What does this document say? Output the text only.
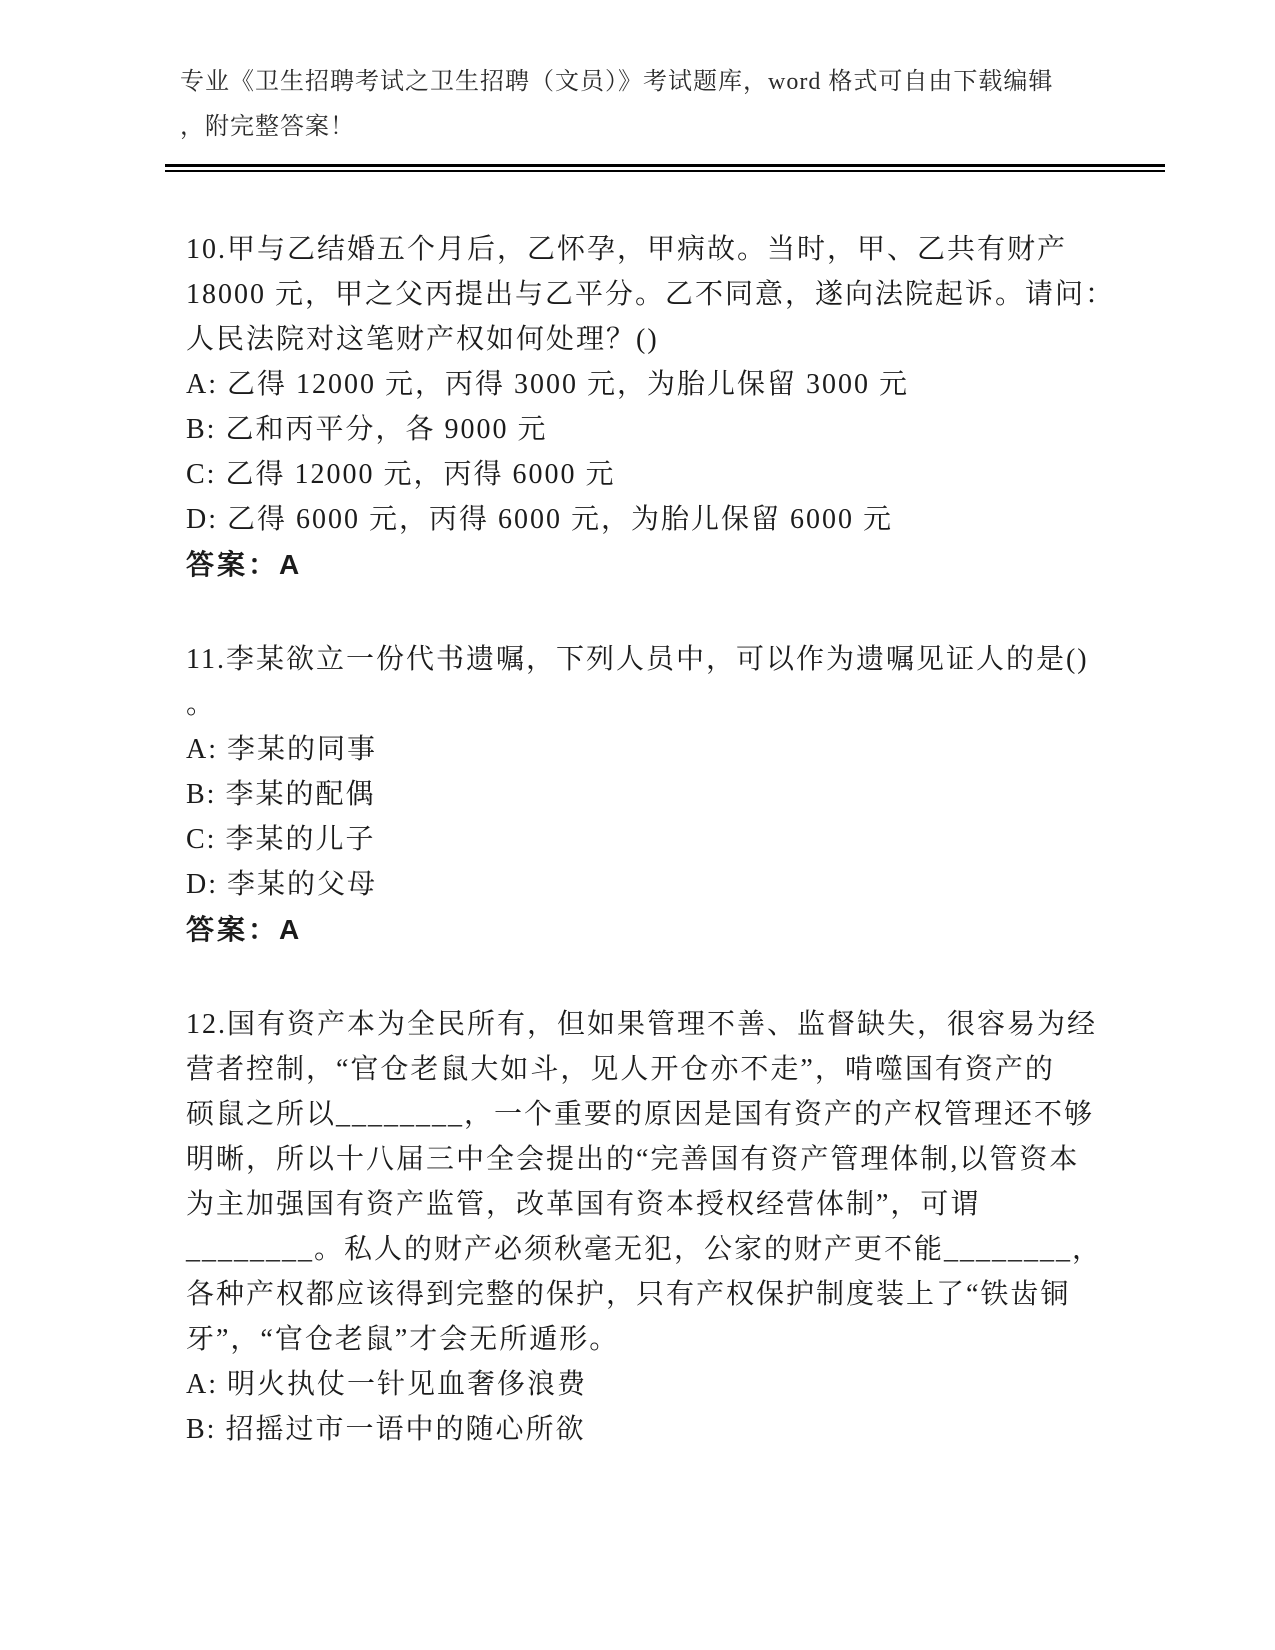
专业《卫生招聘考试之卫生招聘（文员）》考试题库，word 格式可自由下载编辑
，附完整答案！
10.甲与乙结婚五个月后，乙怀孕，甲病故。当时，甲、乙共有财产
18000 元，甲之父丙提出与乙平分。乙不同意，遂向法院起诉。请问：
人民法院对这笔财产权如何处理？()
A: 乙得 12000 元，丙得 3000 元，为胎儿保留 3000 元
B: 乙和丙平分，各 9000 元
C: 乙得 12000 元，丙得 6000 元
D: 乙得 6000 元，丙得 6000 元，为胎儿保留 6000 元
答案：A
11.李某欲立一份代书遗嘱，下列人员中，可以作为遗嘱见证人的是()
。
A: 李某的同事
B: 李某的配偶
C: 李某的儿子
D: 李某的父母
答案：A
12.国有资产本为全民所有，但如果管理不善、监督缺失，很容易为经
营者控制，“官仓老鼠大如斗，见人开仓亦不走”，啃噬国有资产的
硕鼠之所以________，一个重要的原因是国有资产的产权管理还不够
明晰，所以十八届三中全会提出的“完善国有资产管理体制,以管资本
为主加强国有资产监管，改革国有资本授权经营体制”，可谓
________。私人的财产必须秋毫无犯，公家的财产更不能________，
各种产权都应该得到完整的保护，只有产权保护制度装上了“铁齿铜
牙”，“官仓老鼠”才会无所遁形。
A: 明火执仗一针见血奢侈浪费
B: 招摇过市一语中的随心所欲
